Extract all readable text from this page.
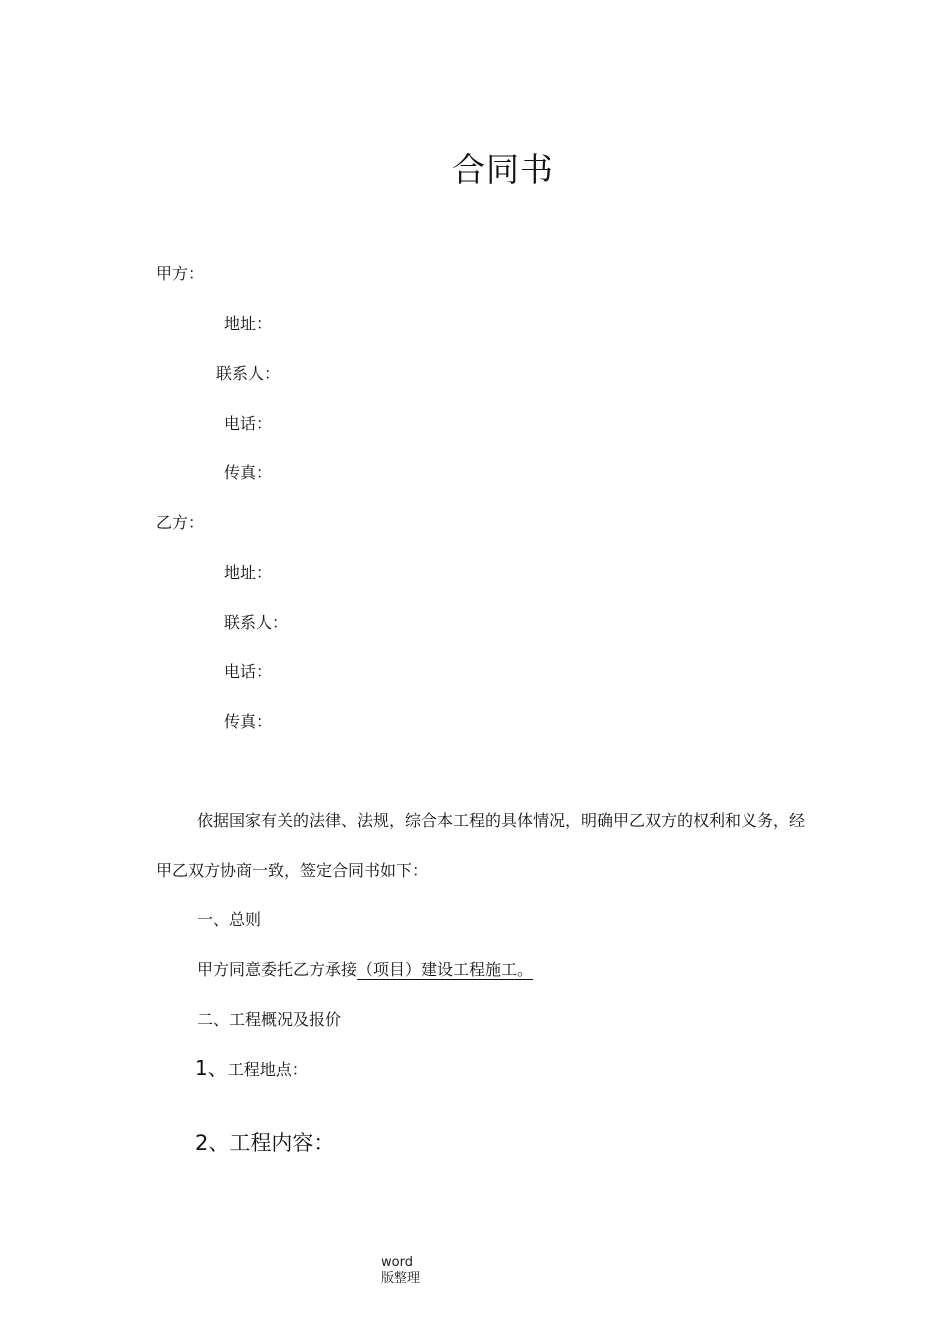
合同书
甲方：
地址：
联系人：
电话：
传真：
乙方：
地址：
联系人：
电话：
传真：
依据国家有关的法律、法规，综合本工程的具体情况，明确甲乙双方的权利和义务，经
甲乙双方协商一致，签定合同书如下：
一、总则
甲方同意委托乙方承接（项目）建设工程施工。
二、工程概况及报价
1、工程地点：
2、工程内容：
word
版整理
